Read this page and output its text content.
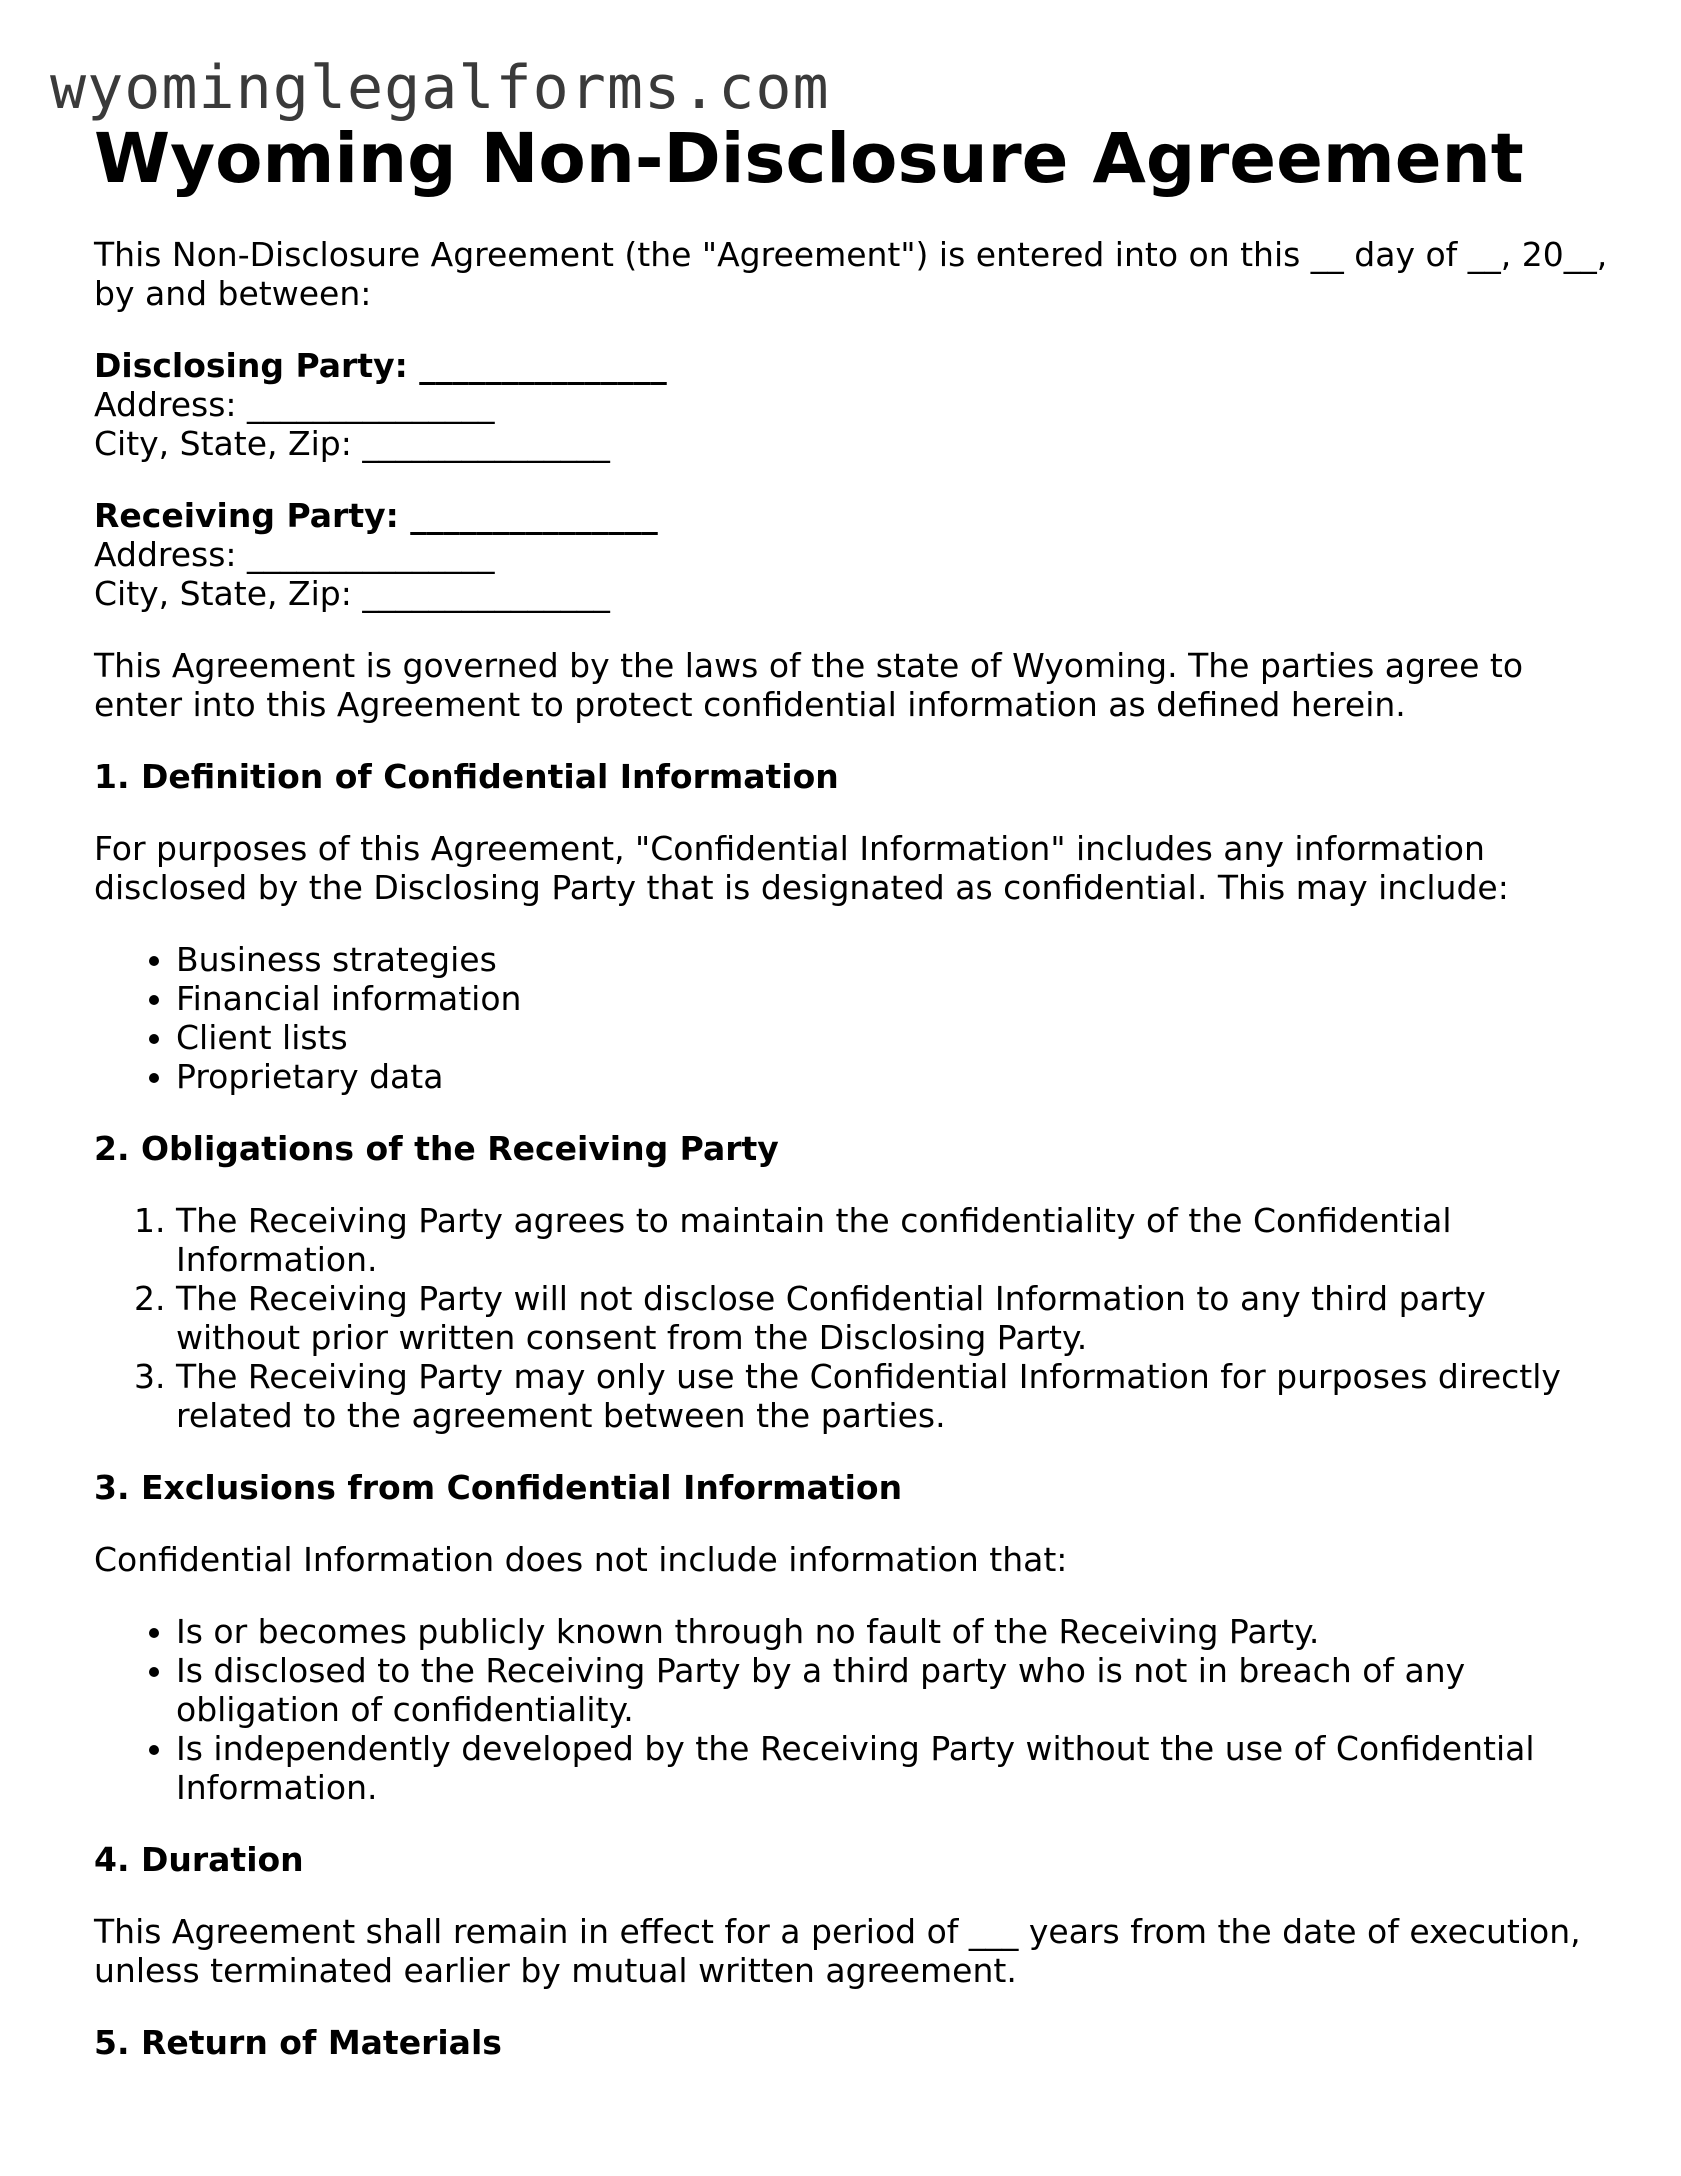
wyominglegalforms.com
Wyoming Non-Disclosure Agreement

This Non-Disclosure Agreement (the "Agreement") is entered into on this __ day of __, 20__, by and between:

Disclosing Party: _______________
Address: _______________
City, State, Zip: _______________
Receiving Party: _______________
Address: _______________
City, State, Zip: _______________

This Agreement is governed by the laws of the state of Wyoming. The parties agree to enter into this Agreement to protect confidential information as defined herein.

1. Definition of Confidential Information

For purposes of this Agreement, "Confidential Information" includes any information disclosed by the Disclosing Party that is designated as confidential. This may include:

• Business strategies
• Financial information
• Client lists
• Proprietary data
2. Obligations of the Receiving Party
1. The Receiving Party agrees to maintain the confidentiality of the Confidential Information.
2. The Receiving Party will not disclose Confidential Information to any third party without prior written consent from the Disclosing Party.
3. The Receiving Party may only use the Confidential Information for purposes directly related to the agreement between the parties.
3. Exclusions from Confidential Information

Confidential Information does not include information that:

• Is or becomes publicly known through no fault of the Receiving Party.
• Is disclosed to the Receiving Party by a third party who is not in breach of any obligation of confidentiality.
• Is independently developed by the Receiving Party without the use of Confidential Information.
4. Duration

This Agreement shall remain in effect for a period of ___ years from the date of execution, unless terminated earlier by mutual written agreement.

5. Return of Materials
